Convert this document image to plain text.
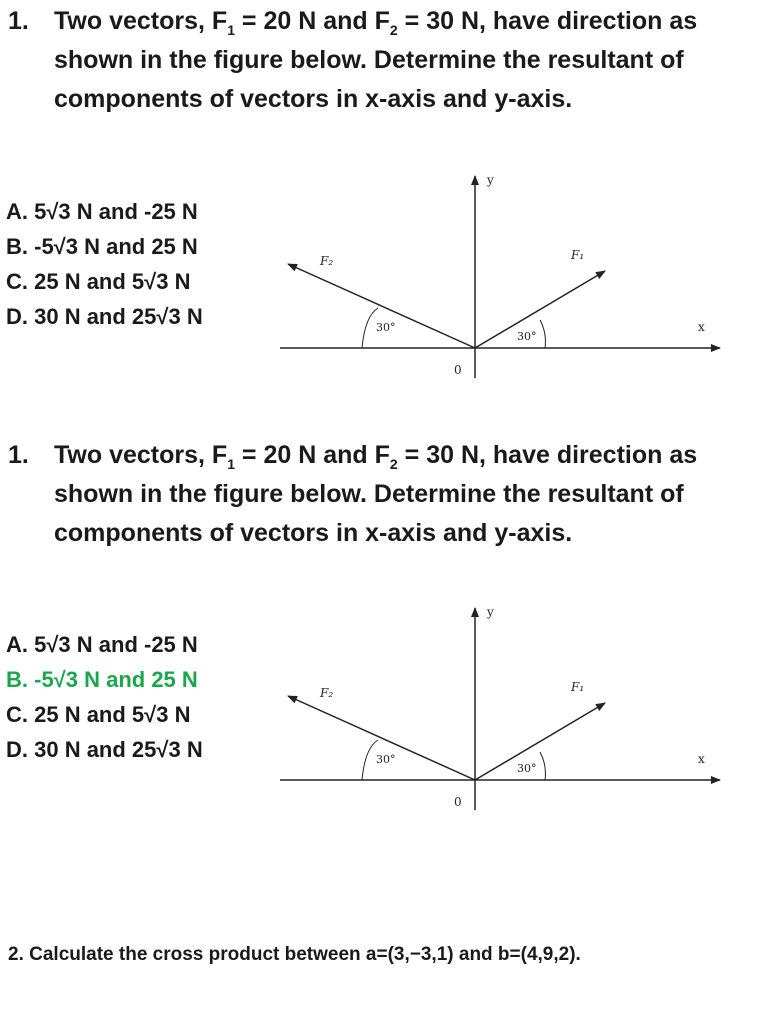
1. Two vectors, $F_1 = 20$ N and $F_2 = 30$ N, have direction as shown in the figure below. Determine the resultant of components of vectors in x-axis and y-axis.
A. 5√3 N and -25 N
B. -5√3 N and 25 N
C. 25 N and 5√3 N
D. 30 N and 25√3 N
y
x
0
F₂	F₁
30°
30°
1. Two vectors, $F_1 = 20$ N and $F_2 = 30$ N, have direction as shown in the figure below. Determine the resultant of components of vectors in x-axis and y-axis.
A. 5√3 N and -25 N
B. -5√3 N and 25 N
C. 25 N and 5√3 N
D. 30 N and 25√3 N
y
x
0
F₂	F₁
30°
30°
2. Calculate the cross product between a=(3,−3,1) and b=(4,9,2).
